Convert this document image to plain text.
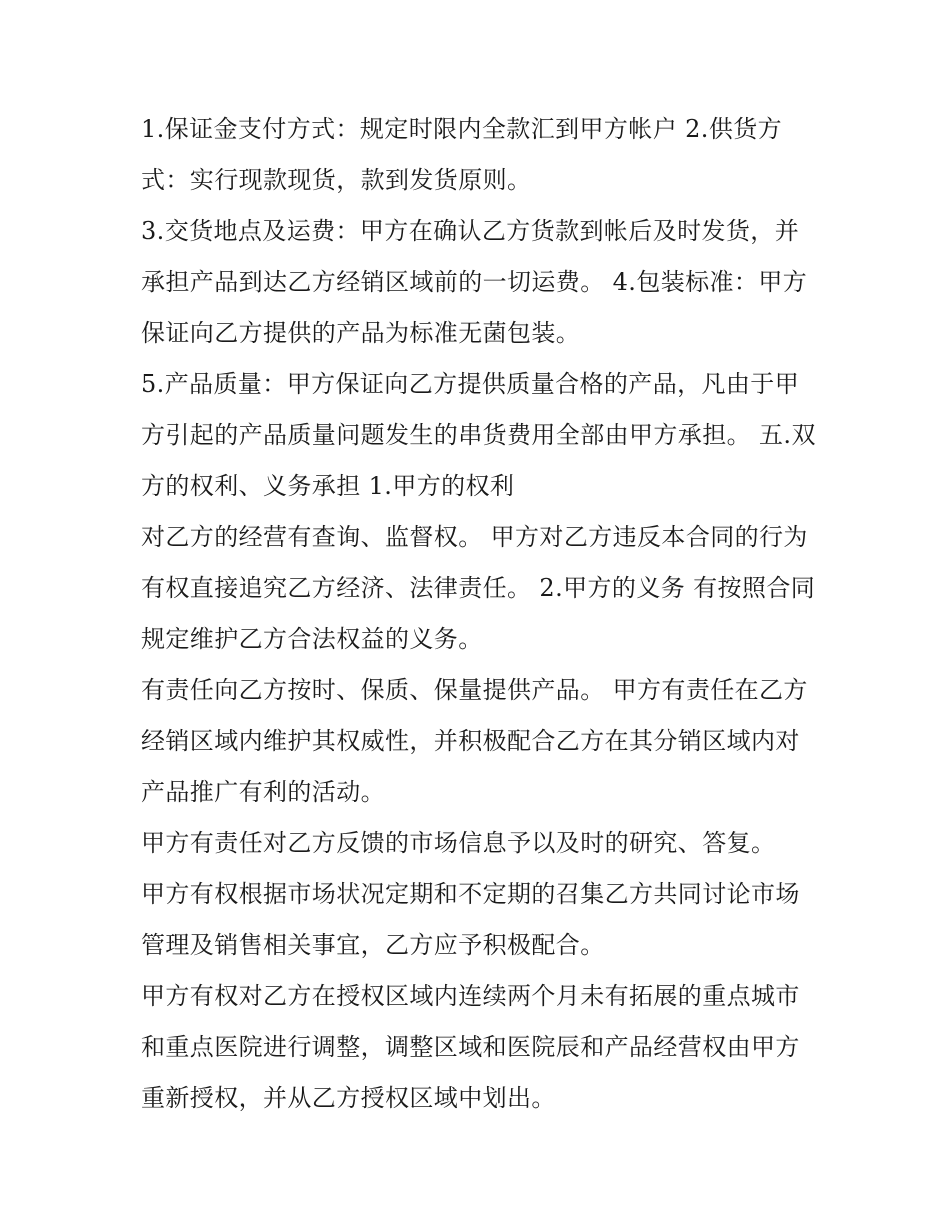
1.保证金支付方式：规定时限内全款汇到甲方帐户 2.供货方式：实行现款现货，款到发货原则。

3.交货地点及运费：甲方在确认乙方货款到帐后及时发货，并承担产品到达乙方经销区域前的一切运费。 4.包装标准：甲方保证向乙方提供的产品为标准无菌包装。

5.产品质量：甲方保证向乙方提供质量合格的产品，凡由于甲方引起的产品质量问题发生的串货费用全部由甲方承担。 五.双方的权利、义务承担 1.甲方的权利

对乙方的经营有查询、监督权。 甲方对乙方违反本合同的行为有权直接追究乙方经济、法律责任。 2.甲方的义务 有按照合同规定维护乙方合法权益的义务。

有责任向乙方按时、保质、保量提供产品。 甲方有责任在乙方经销区域内维护其权威性，并积极配合乙方在其分销区域内对产品推广有利的活动。

甲方有责任对乙方反馈的市场信息予以及时的研究、答复。

甲方有权根据市场状况定期和不定期的召集乙方共同讨论市场管理及销售相关事宜，乙方应予积极配合。

甲方有权对乙方在授权区域内连续两个月未有拓展的重点城市和重点医院进行调整，调整区域和医院辰和产品经营权由甲方重新授权，并从乙方授权区域中划出。
